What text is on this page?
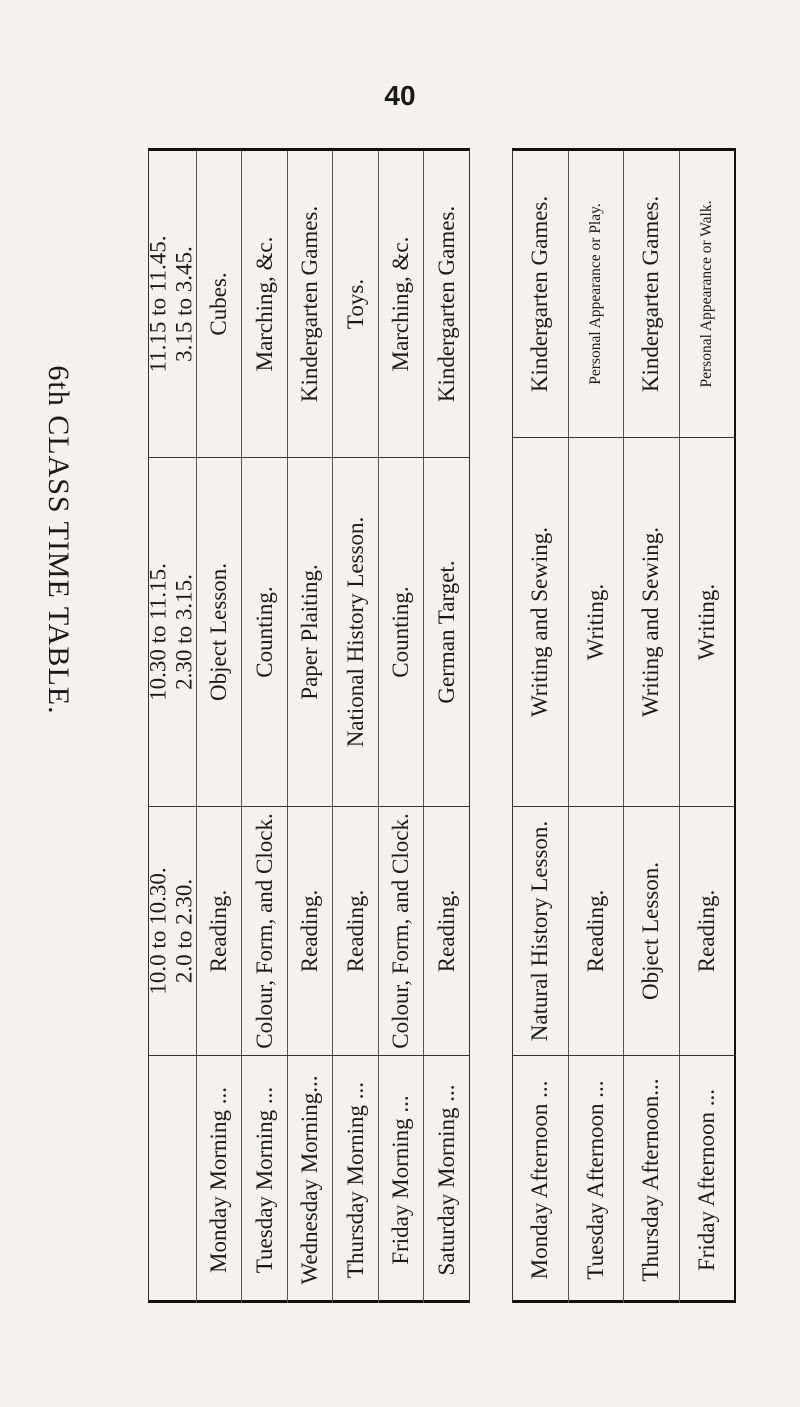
40
6th CLASS TIME TABLE.
Monday Morning ... Tuesday Morning ... Wednesday Morning... Thursday Morning ... Friday Morning ... Saturday Morning ...
10.0 to 10.30. 2.0 to 2.30. Reading. Colour, Form, and Clock. Reading. Reading. Colour, Form, and Clock. Reading.
10.30 to 11.15. 2.30 to 3.15. Object Lesson. Counting. Paper Plaiting. National History Lesson. Counting. German Target.
11.15 to 11.45. 3.15 to 3.45. Cubes. Marching, &c. Kindergarten Games. Toys. Marching, &c. Kindergarten Games.
Monday Afternoon ... Tuesday Afternoon ... Thursday Afternoon... Friday Afternoon ...
Natural History Lesson. Reading. Object Lesson. Reading.
Writing and Sewing. Writing. Writing and Sewing. Writing.
Kindergarten Games. Personal Appearance or Play. Kindergarten Games. Personal Appearance or Walk.
